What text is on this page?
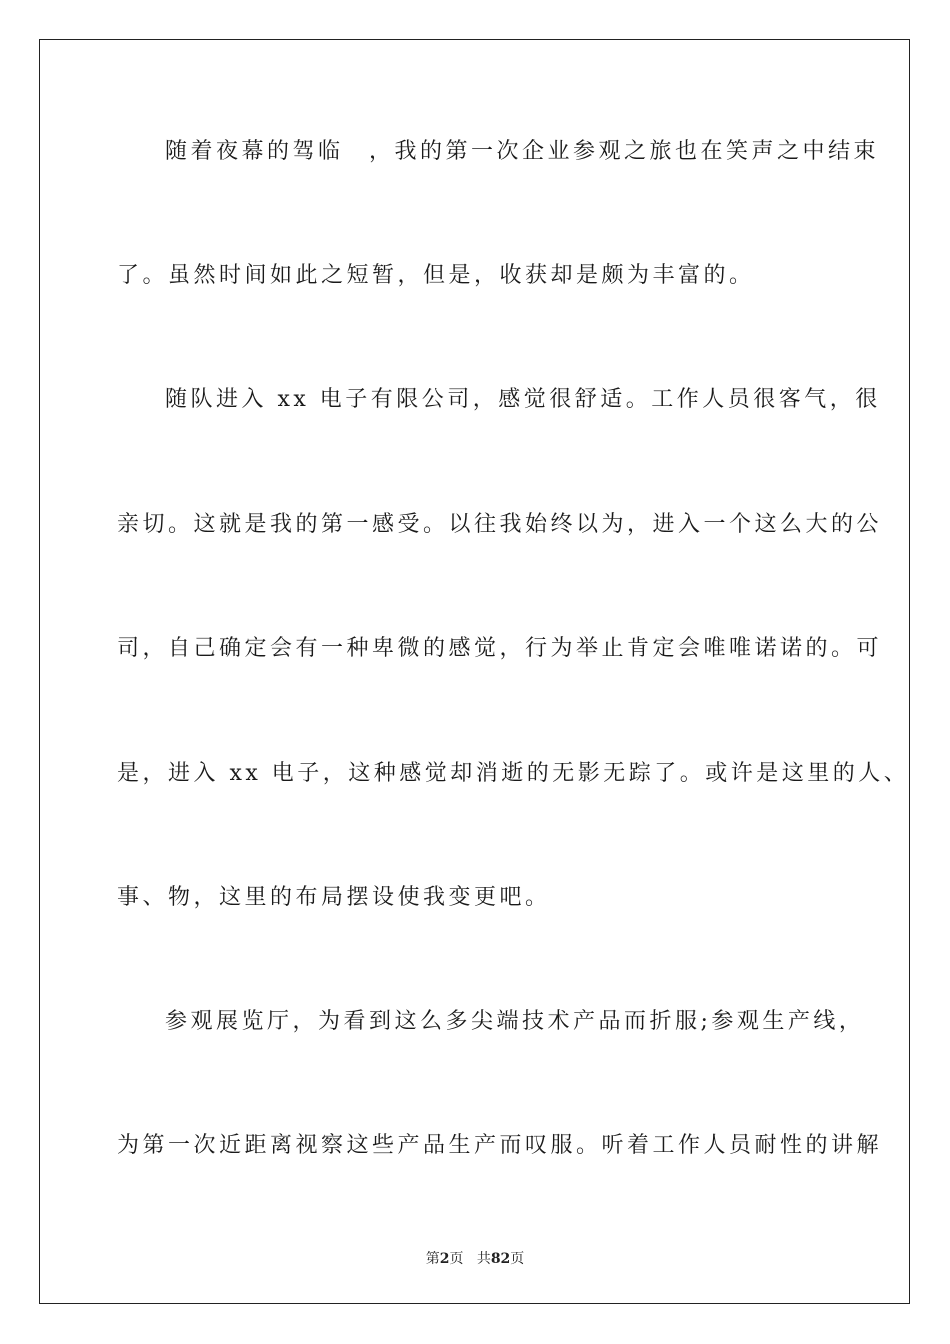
随着夜幕的驾临　，我的第一次企业参观之旅也在笑声之中结束
了。虽然时间如此之短暂，但是，收获却是颇为丰富的。
随队进入 xx 电子有限公司，感觉很舒适。工作人员很客气，很
亲切。这就是我的第一感受。以往我始终以为，进入一个这么大的公
司，自己确定会有一种卑微的感觉，行为举止肯定会唯唯诺诺的。可
是，进入 xx 电子，这种感觉却消逝的无影无踪了。或许是这里的人、
事、物，这里的布局摆设使我变更吧。
参观展览厅，为看到这么多尖端技术产品而折服;参观生产线，
为第一次近距离视察这些产品生产而叹服。听着工作人员耐性的讲解
第2页 共82页
